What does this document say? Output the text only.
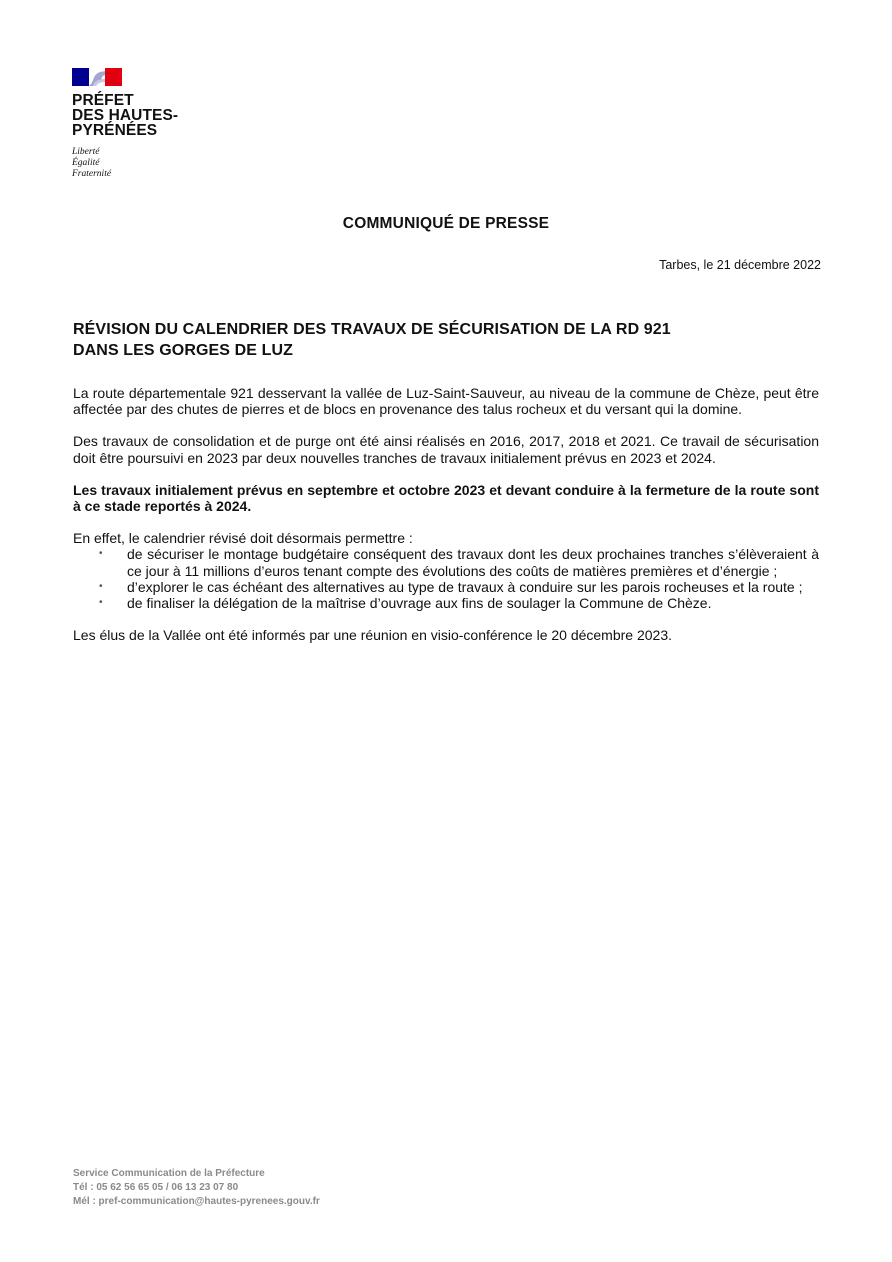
PRÉFET
DES HAUTES-
PYRÉNÉES
Liberté
Égalité
Fraternité
COMMUNIQUÉ DE PRESSE
Tarbes, le 21 décembre 2022
RÉVISION DU CALENDRIER DES TRAVAUX DE SÉCURISATION DE LA RD 921
DANS LES GORGES DE LUZ

La route départementale 921 desservant la vallée de Luz-Saint-Sauveur, au niveau de la commune de Chèze, peut être affectée par des chutes de pierres et de blocs en provenance des talus rocheux et du versant qui la domine.

Des travaux de consolidation et de purge ont été ainsi réalisés en 2016, 2017, 2018 et 2021. Ce travail de sécurisation doit être poursuivi en 2023 par deux nouvelles tranches de travaux initialement prévus en 2023 et 2024.

Les travaux initialement prévus en septembre et octobre 2023 et devant conduire à la fermeture de la route sont à ce stade reportés à 2024.

En effet, le calendrier révisé doit désormais permettre :

• de sécuriser le montage budgétaire conséquent des travaux dont les deux prochaines tranches s’élèveraient à ce jour à 11 millions d’euros tenant compte des évolutions des coûts de matières premières et d’énergie ;
• d’explorer le cas échéant des alternatives au type de travaux à conduire sur les parois rocheuses et la route ;
• de finaliser la délégation de la maîtrise d’ouvrage aux fins de soulager la Commune de Chèze.

Les élus de la Vallée ont été informés par une réunion en visio-conférence le 20 décembre 2023.

Service Communication de la Préfecture
Tél : 05 62 56 65 05 / 06 13 23 07 80
Mél : pref-communication@hautes-pyrenees.gouv.fr
